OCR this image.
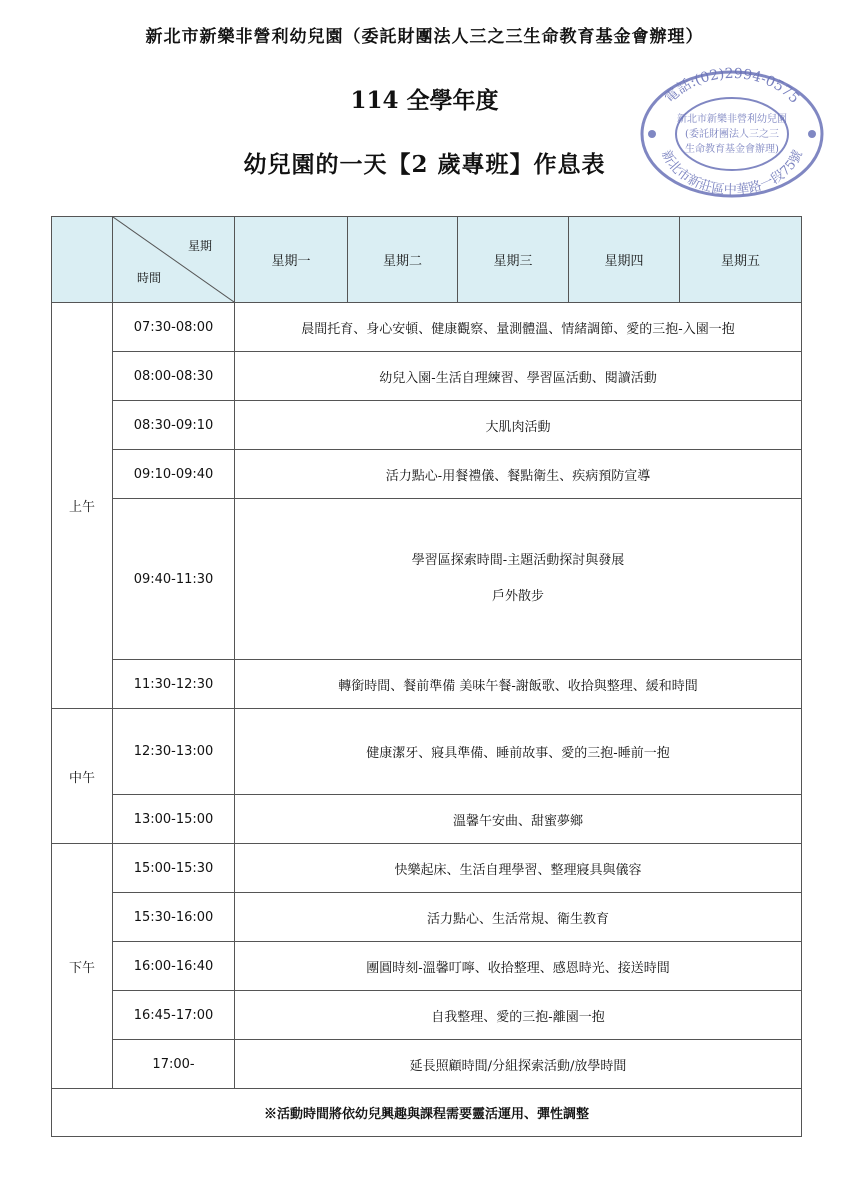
新北市新樂非營利幼兒園（委託財團法人三之三生命教育基金會辦理）
114 全學年度
幼兒園的一天【2 歲專班】作息表
電話:(02)2994-0575
新北市新莊區中華路一段75號
新北市新樂非營利幼兒園
(委託財團法人三之三
生命教育基金會辦理)

	星期
時間	星期一	星期二	星期三	星期四	星期五
上午	07:30-08:00	晨間托育、身心安頓、健康觀察、量測體溫、情緒調節、愛的三抱-入園一抱				
	08:00-08:30	幼兒入園-生活自理練習、學習區活動、閱讀活動				
	08:30-09:10	大肌肉活動				
	09:10-09:40	活力點心-用餐禮儀、餐點衛生、疾病預防宣導				
	09:40-11:30	學習區探索時間-主題活動探討與發展

戶外散步				

	11:30-12:30	轉銜時間、餐前準備 美味午餐-謝飯歌、收拾與整理、緩和時間				
中午	12:30-13:00	健康潔牙、寢具準備、睡前故事、愛的三抱-睡前一抱				
	13:00-15:00	溫馨午安曲、甜蜜夢鄉				
下午	15:00-15:30	快樂起床、生活自理學習、整理寢具與儀容				
	15:30-16:00	活力點心、生活常規、衛生教育				
	16:00-16:40	團圓時刻-溫馨叮嚀、收拾整理、感恩時光、接送時間				
	16:45-17:00	自我整理、愛的三抱-離園一抱				
	17:00-	延長照顧時間/分組探索活動/放學時間				
※活動時間將依幼兒興趣與課程需要靈活運用、彈性調整						
